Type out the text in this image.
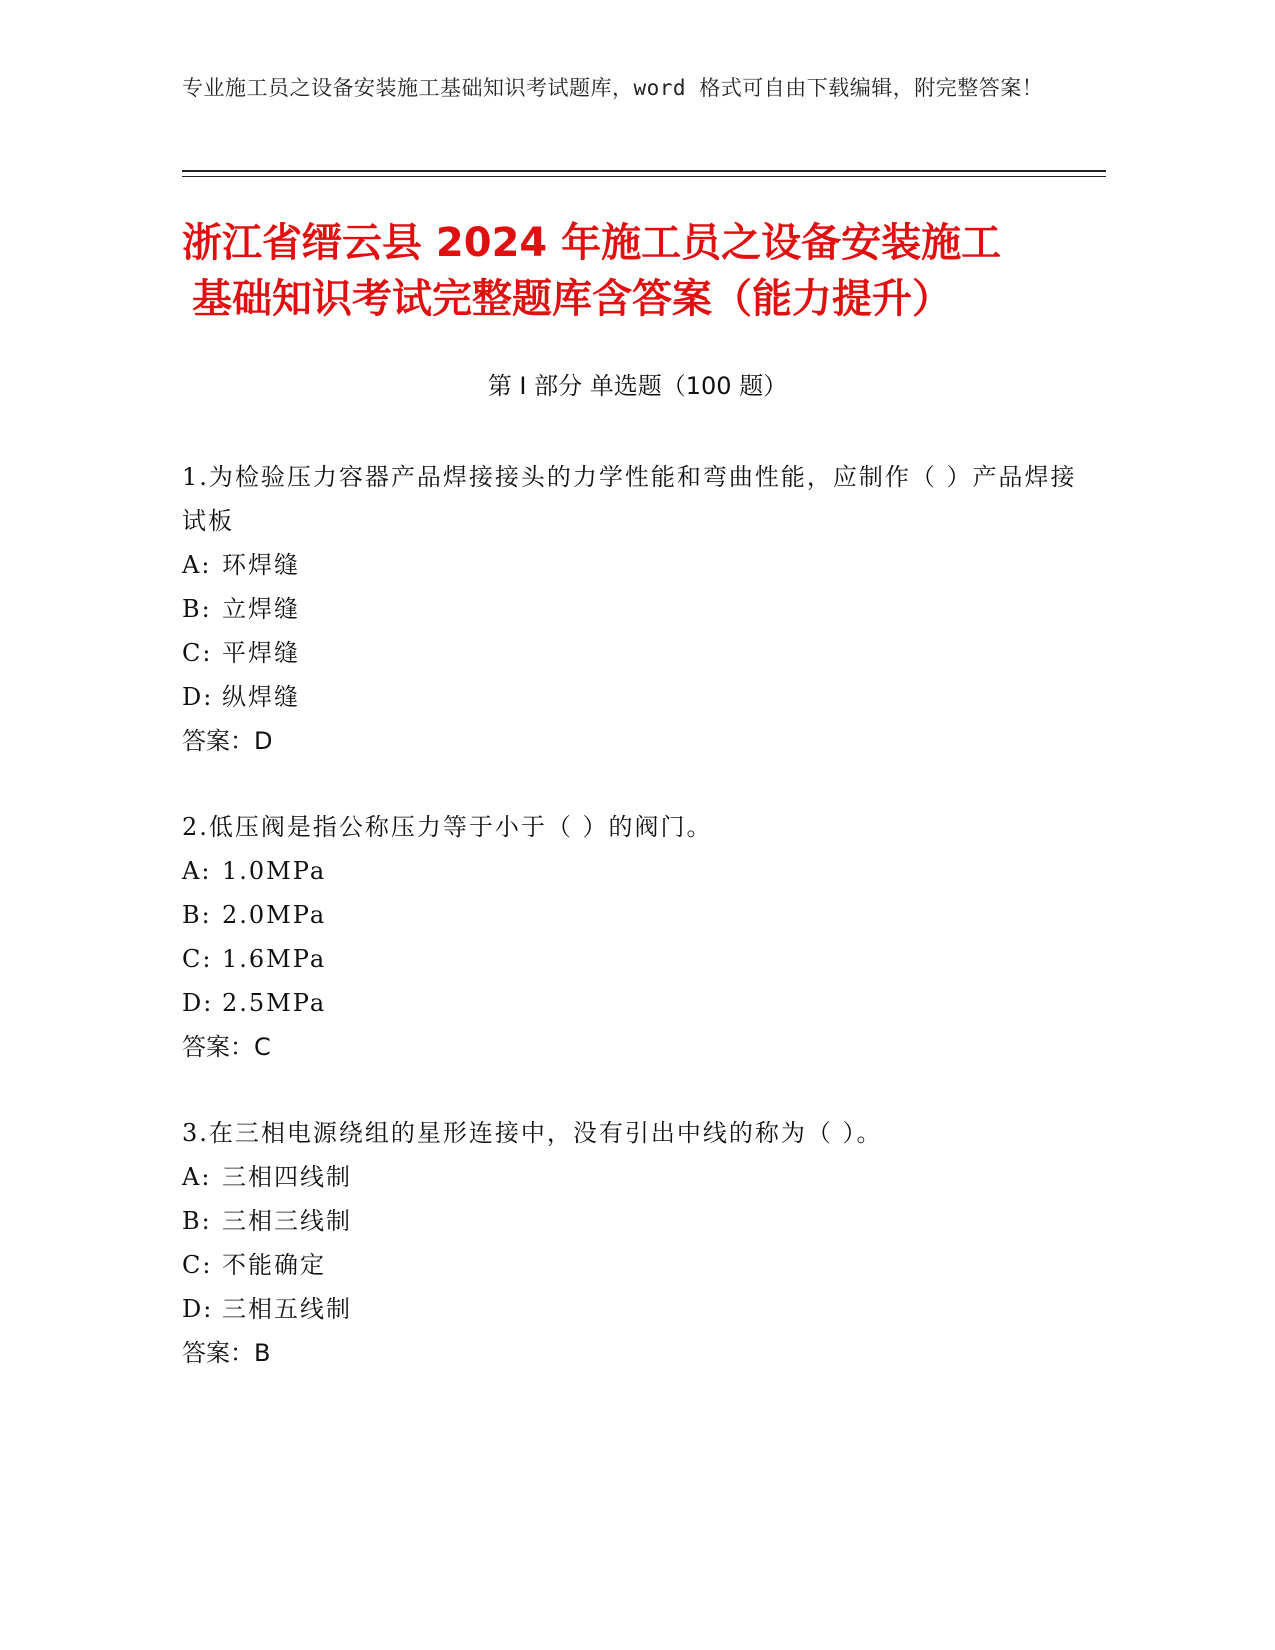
专业施工员之设备安装施工基础知识考试题库，word 格式可自由下载编辑，附完整答案！
浙江省缙云县 2024 年施工员之设备安装施工
基础知识考试完整题库含答案（能力提升）
第 I 部分 单选题（100 题）
1.为检验压力容器产品焊接接头的力学性能和弯曲性能，应制作（ ）产品焊接试板
A: 环焊缝
B: 立焊缝
C: 平焊缝
D: 纵焊缝
答案：D
2.低压阀是指公称压力等于小于（ ）的阀门。
A: 1.0MPa
B: 2.0MPa
C: 1.6MPa
D: 2.5MPa
答案：C
3.在三相电源绕组的星形连接中，没有引出中线的称为（ ）。
A: 三相四线制
B: 三相三线制
C: 不能确定
D: 三相五线制
答案：B
